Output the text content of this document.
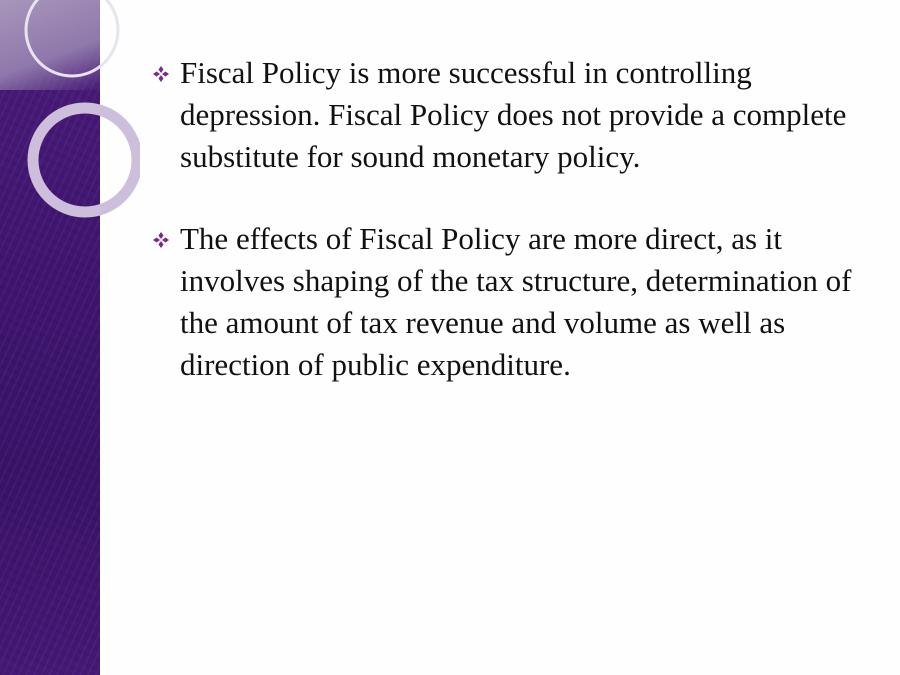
Fiscal Policy is more successful in controlling depression. Fiscal Policy does not provide a complete substitute for sound monetary policy.

The effects of Fiscal Policy are more direct, as it involves shaping of the tax structure, determination of the amount of tax revenue and volume as well as direction of public expenditure.
